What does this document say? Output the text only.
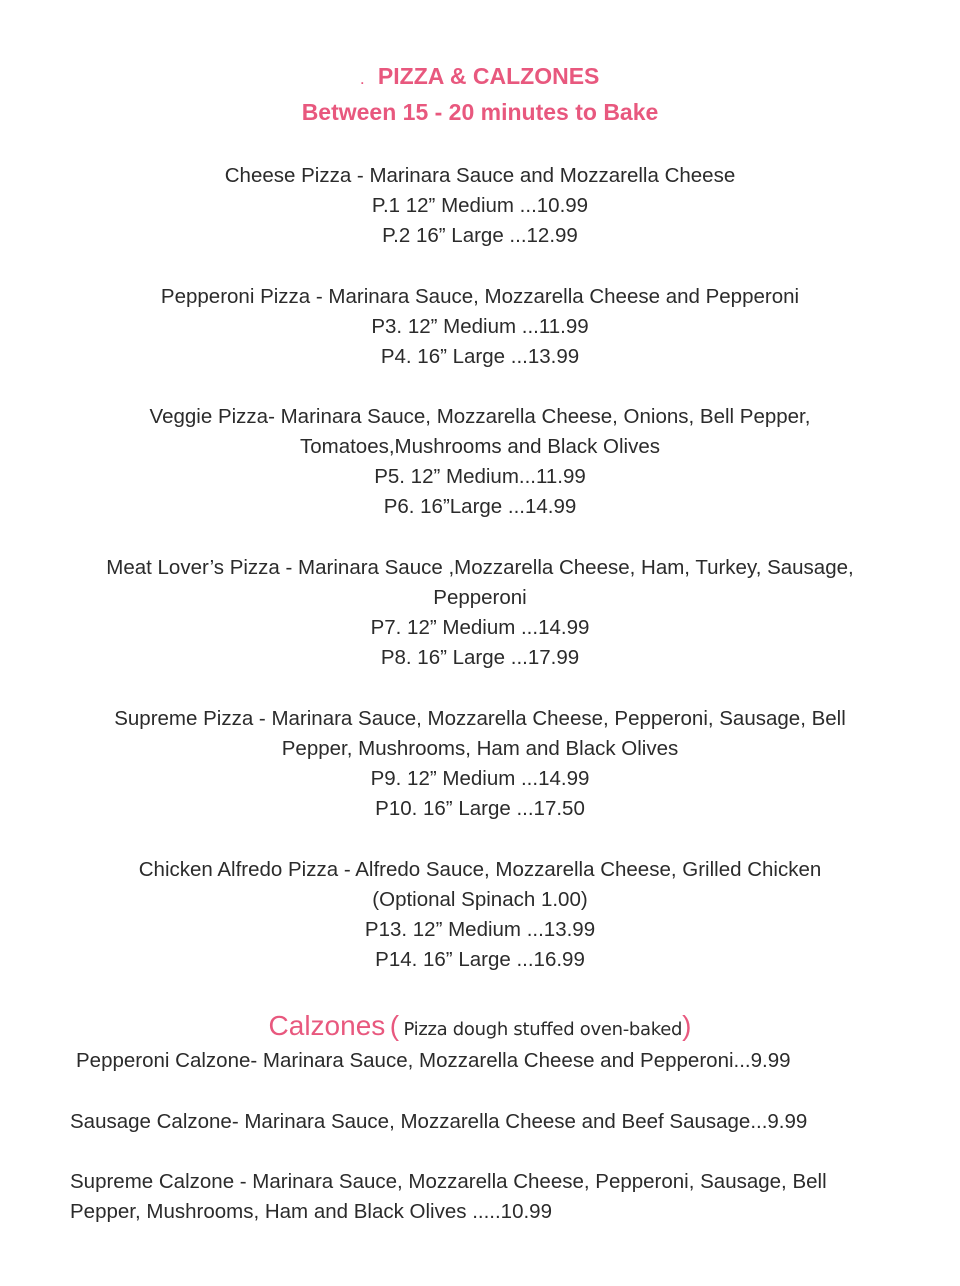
. PIZZA & CALZONES
Between 15 - 20 minutes to Bake
Cheese Pizza - Marinara Sauce and Mozzarella Cheese
P.1 12” Medium ...10.99
P.2 16” Large ...12.99
Pepperoni Pizza - Marinara Sauce, Mozzarella Cheese and Pepperoni
P3. 12” Medium ...11.99
P4. 16” Large ...13.99
Veggie Pizza- Marinara Sauce, Mozzarella Cheese, Onions, Bell Pepper,
Tomatoes,Mushrooms and Black Olives
P5. 12” Medium...11.99
P6. 16”Large ...14.99
Meat Lover’s Pizza - Marinara Sauce ,Mozzarella Cheese, Ham, Turkey, Sausage,
Pepperoni
P7. 12” Medium ...14.99
P8. 16” Large ...17.99
Supreme Pizza - Marinara Sauce, Mozzarella Cheese, Pepperoni, Sausage, Bell
Pepper, Mushrooms, Ham and Black Olives
P9. 12” Medium ...14.99
P10. 16” Large ...17.50
Chicken Alfredo Pizza - Alfredo Sauce, Mozzarella Cheese, Grilled Chicken
(Optional Spinach 1.00)
P13. 12” Medium ...13.99
P14. 16” Large ...16.99
Calzones ( Pizza dough stuffed oven-baked)
Pepperoni Calzone- Marinara Sauce, Mozzarella Cheese and Pepperoni...9.99
Sausage Calzone- Marinara Sauce, Mozzarella Cheese and Beef Sausage...9.99
Supreme Calzone - Marinara Sauce, Mozzarella Cheese, Pepperoni, Sausage, Bell
Pepper, Mushrooms, Ham and Black Olives .....10.99
